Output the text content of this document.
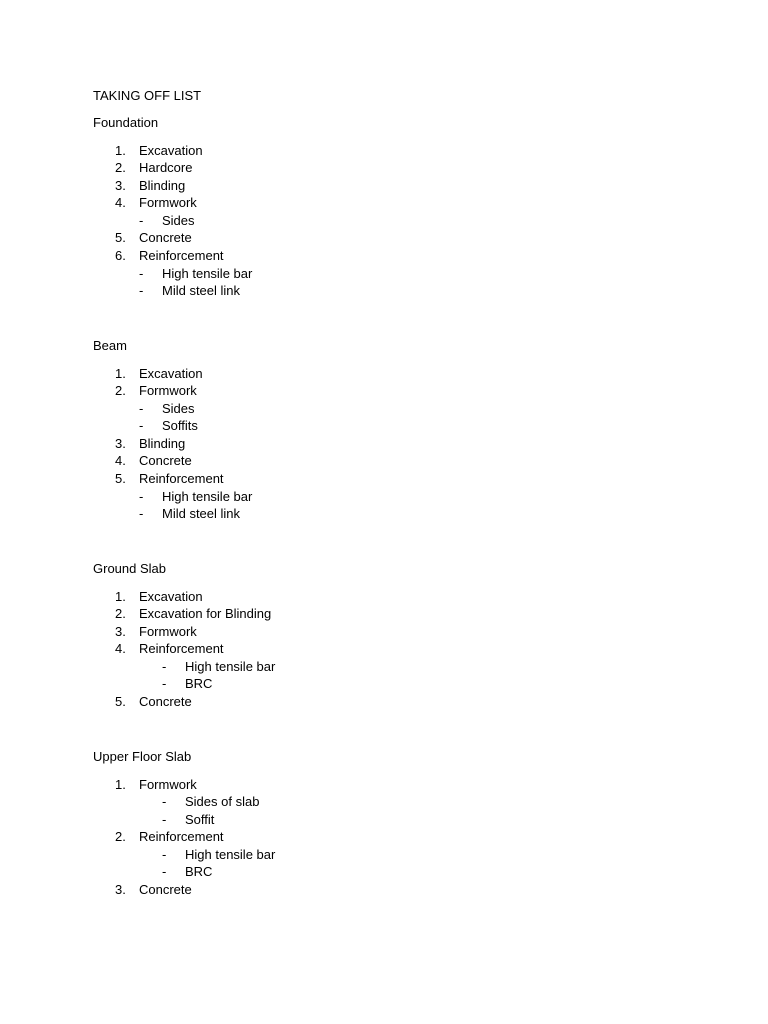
TAKING OFF LIST
Foundation
1.	Excavation
2.	Hardcore
3.	Blinding
4.	Formwork
- Sides
5.	Concrete
6.	Reinforcement
- High tensile bar
- Mild steel link
Beam
1.	Excavation
2.	Formwork
- Sides
- Soffits
3.	Blinding
4.	Concrete
5.	Reinforcement
- High tensile bar
- Mild steel link
Ground Slab
1.	Excavation
2.	Excavation for Blinding
3.	Formwork
4.	Reinforcement
- High tensile bar
- BRC
5.	Concrete
Upper Floor Slab
1.	Formwork
- Sides of slab
- Soffit
2.	Reinforcement
- High tensile bar
- BRC
3.	Concrete
